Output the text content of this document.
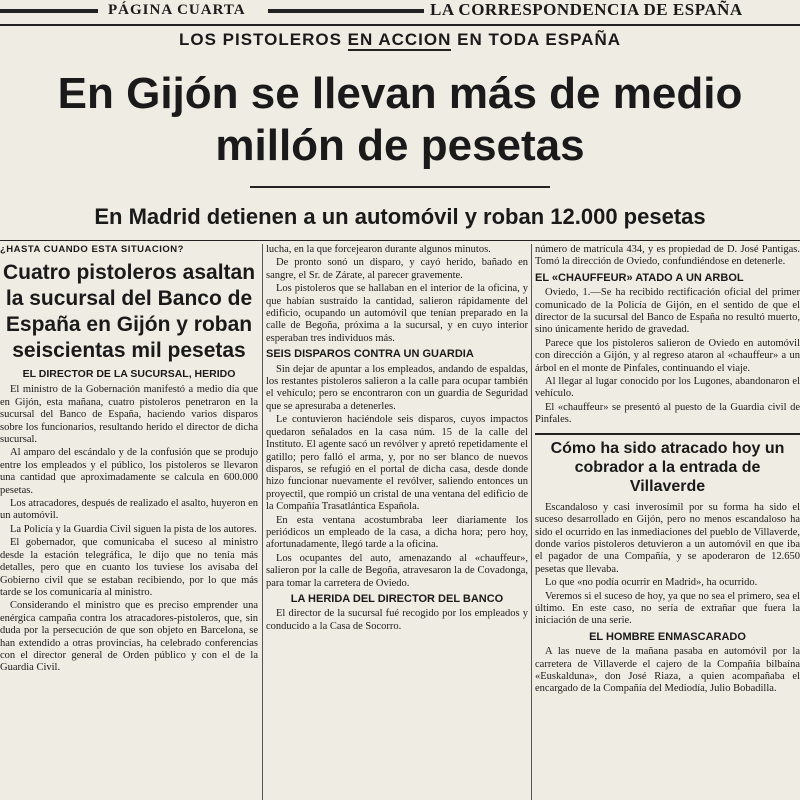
PÁGINA CUARTA	LA CORRESPONDENCIA DE ESPAÑA
LOS PISTOLEROS EN ACCION EN TODA ESPAÑA
En Gijón se llevan más de medio
millón de pesetas
En Madrid detienen a un automóvil y roban 12.000 pesetas
¿HASTA CUANDO ESTA SITUACION?
Cuatro pistoleros asaltan la sucursal del Banco de España en Gijón y roban seiscientas mil pesetas
EL DIRECTOR DE LA SUCURSAL, HERIDO

El ministro de la Gobernación manifestó a medio día que en Gijón, esta mañana, cuatro pistoleros penetraron en la sucursal del Banco de España, haciendo varios disparos sobre los funcionarios, resultando herido el director de dicha sucursal.

Al amparo del escándalo y de la confusión que se produjo entre los empleados y el público, los pistoleros se llevaron una cantidad que aproximadamente se calcula en 600.000 pesetas.

Los atracadores, después de realizado el asalto, huyeron en un automóvil.

La Policía y la Guardia Civil siguen la pista de los autores.

El gobernador, que comunicaba el suceso al ministro desde la estación telegráfica, le dijo que no tenía más detalles, pero que en cuanto los tuviese los avisaba del Gobierno civil que se estaban recibiendo, por lo que más tarde se los comunicaría al ministro.

Considerando el ministro que es preciso emprender una enérgica campaña contra los atracadores-pistoleros, que, sin duda por la persecución de que son objeto en Barcelona, se han extendido a otras provincias, ha celebrado conferencias con el director general de Orden público y con el de la Guardia Civil.

lucha, en la que forcejearon durante algunos minutos.

De pronto sonó un disparo, y cayó herido, bañado en sangre, el Sr. de Zárate, al parecer gravemente.

Los pistoleros que se hallaban en el interior de la oficina, y que habían sustraído la cantidad, salieron rápidamente del edificio, ocupando un automóvil que tenían preparado en la calle de Begoña, próxima a la sucursal, y en cuyo interior esperaban tres individuos más.

SEIS DISPAROS CONTRA UN GUARDIA

Sin dejar de apuntar a los empleados, andando de espaldas, los restantes pistoleros salieron a la calle para ocupar también el vehículo; pero se encontraron con un guardia de Seguridad que se apresuraba a detenerles.

Le contuvieron haciéndole seis disparos, cuyos impactos quedaron señalados en la casa núm. 15 de la calle del Instituto. El agente sacó un revólver y apretó repetidamente el gatillo; pero falló el arma, y, por no ser blanco de nuevos disparos, se refugió en el portal de dicha casa, desde donde hizo funcionar nuevamente el revólver, saliendo entonces un proyectil, que rompió un cristal de una ventana del edificio de la Compañía Trasatlántica Española.

En esta ventana acostumbraba leer diariamente los periódicos un empleado de la casa, a dicha hora; pero hoy, afortunadamente, llegó tarde a la oficina.

Los ocupantes del auto, amenazando al «chauffeur», salieron por la calle de Begoña, atravesaron la de Covadonga, para tomar la carretera de Oviedo.

LA HERIDA DEL DIRECTOR DEL BANCO

El director de la sucursal fué recogido por los empleados y conducido a la Casa de Socorro.

número de matrícula 434, y es propiedad de D. José Pantigas. Tomó la dirección de Oviedo, confundiéndose en detenerle.

EL «CHAUFFEUR» ATADO A UN ARBOL

Oviedo, 1.—Se ha recibido rectificación oficial del primer comunicado de la Policía de Gijón, en el sentido de que el director de la sucursal del Banco de España no resultó muerto, sino únicamente herido de gravedad.

Parece que los pistoleros salieron de Oviedo en automóvil con dirección a Gijón, y al regreso ataron al «chauffeur» a un árbol en el monte de Pinfales, continuando el viaje.

Al llegar al lugar conocido por los Lugones, abandonaron el vehículo.

El «chauffeur» se presentó al puesto de la Guardia civil de Pinfales.

Cómo ha sido atracado hoy un cobrador a la entrada de Villaverde

Escandaloso y casi inverosímil por su forma ha sido el suceso desarrollado en Gijón, pero no menos escandaloso ha sido el ocurrido en las inmediaciones del pueblo de Villaverde, donde varios pistoleros detuvieron a un automóvil en que iba el pagador de una Compañía, y se apoderaron de 12.650 pesetas que llevaba.

Lo que «no podía ocurrir en Madrid», ha ocurrido.

Veremos si el suceso de hoy, ya que no sea el primero, sea el último. En este caso, no sería de extrañar que fuera la iniciación de una serie.

EL HOMBRE ENMASCARADO

A las nueve de la mañana pasaba en automóvil por la carretera de Villaverde el cajero de la Compañía bilbaína «Euskalduna», don José Riaza, a quien acompañaba el encargado de la Compañía del Mediodía, Julio Bobadilla.
